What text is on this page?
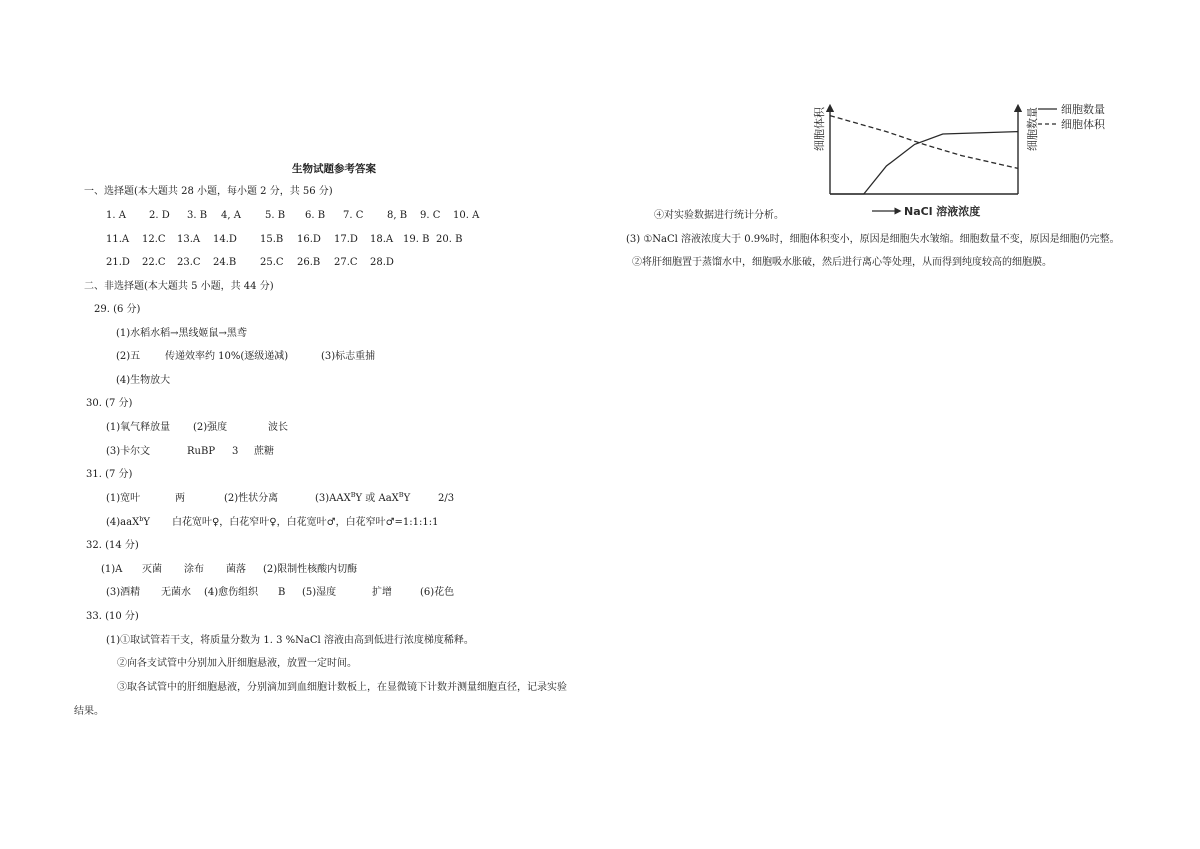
生物试题参考答案
一、选择题(本大题共 28 小题，每小题 2 分，共 56 分)
1. A 2. D 3. B 4, A 5. B 6. B 7. C 8, B 9. C 10. A
11.A 12.C 13.A 14.D 15.B 16.D 17.D 18.A 19. B 20. B
21.D 22.C 23.C 24.B 25.C 26.B 27.C 28.D
二、非选择题(本大题共 5 小题，共 44 分)
29. (6 分)
(1)水稻水稻→黑线姬鼠→黑鸢
(2)五 传递效率约 10%(逐级递减)	(3)标志重捕
(4)生物放大
30. (7 分)
(1)氧气释放量 (2)强度	波长
(3)卡尔文	RuBP 3 蔗糖
31. (7 分)
(1)宽叶	两	(2)性状分离	$(3)AAX^BY$ 或 AaX$^B$Y	2/3
(4)aaX$^b$Y 白花宽叶♀，白花窄叶♀，白花宽叶♂，白花窄叶♂=1:1:1:1
32. (14 分)
(1)A 灭菌 涂布 菌落 (2)限制性核酸内切酶
(3)酒精 无菌水 (4)愈伤组织 B (5)湿度	扩增	(6)花色
33. (10 分)
(1)①取试管若干支，将质量分数为 1. 3 %NaCl 溶液由高到低进行浓度梯度稀释。
②向各支试管中分别加入肝细胞悬液，放置一定时间。
③取各试管中的肝细胞悬液，分别滴加到血细胞计数板上，在显微镜下计数并测量细胞直径，记录实验
结果。
④对实验数据进行统计分析。
(3) ①NaCl 溶液浓度大于 0.9%时，细胞体积变小，原因是细胞失水皱缩。细胞数量不变，原因是细胞仍完整。
②将肝细胞置于蒸馏水中，细胞吸水胀破，然后进行离心等处理，从而得到纯度较高的细胞膜。
细胞体积	细胞数量
NaCl 溶液浓度
细胞数量
细胞体积
